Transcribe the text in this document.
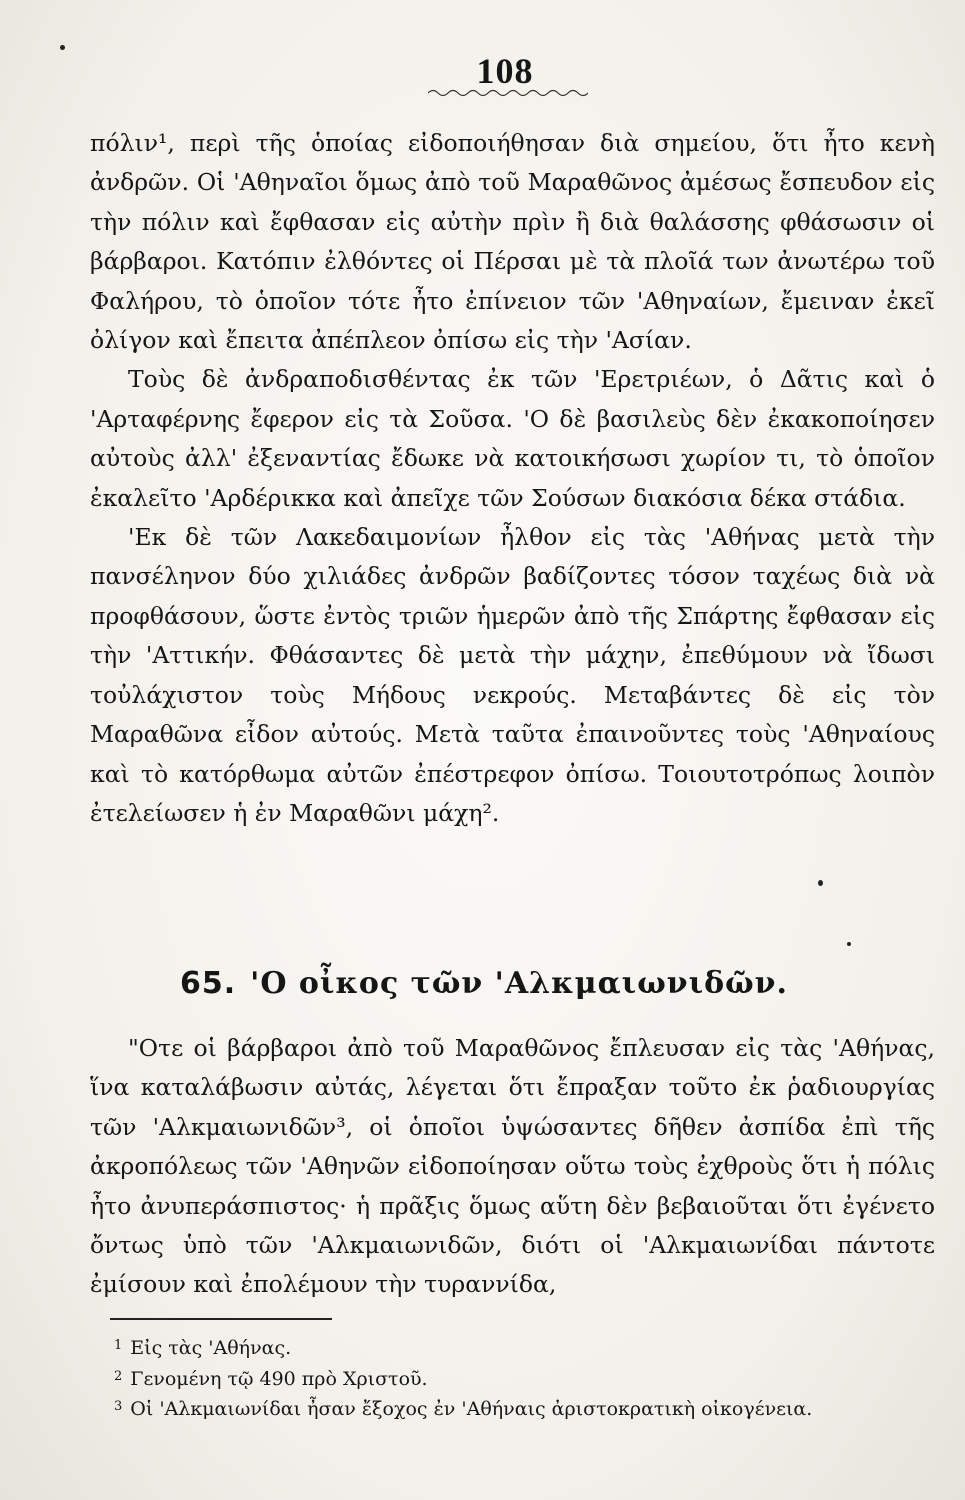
108

πόλιν¹, περὶ τῆς ὁποίας εἰδοποιήθησαν διὰ σημείου, ὅτι ἦτο κενὴ ἀνδρῶν. Οἱ 'Αθηναῖοι ὅμως ἀπὸ τοῦ Μαραθῶνος ἀμέσως ἔσπευδον εἰς τὴν πόλιν καὶ ἔφθασαν εἰς αὐτὴν πρὶν ἢ διὰ θαλάσσης φθάσωσιν οἱ βάρβαροι. Κατόπιν ἐλθόντες οἱ Πέρσαι μὲ τὰ πλοῖά των ἀνωτέρω τοῦ Φαλήρου, τὸ ὁποῖον τότε ἦτο ἐπίνειον τῶν 'Αθηναίων, ἔμειναν ἐκεῖ ὀλίγον καὶ ἔπειτα ἀπέπλεον ὀπίσω εἰς τὴν 'Ασίαν.

Τοὺς δὲ ἀνδραποδισθέντας ἐκ τῶν 'Ερετριέων, ὁ Δᾶτις καὶ ὁ 'Αρταφέρνης ἔφερον εἰς τὰ Σοῦσα. 'Ο δὲ βασιλεὺς δὲν ἐκακοποίησεν αὐτοὺς ἀλλ' ἐξεναντίας ἔδωκε νὰ κατοικήσωσι χωρίον τι, τὸ ὁποῖον ἐκαλεῖτο 'Αρδέρικκα καὶ ἀπεῖχε τῶν Σούσων διακόσια δέκα στάδια.

'Εκ δὲ τῶν Λακεδαιμονίων ἦλθον εἰς τὰς 'Αθήνας μετὰ τὴν πανσέληνον δύο χιλιάδες ἀνδρῶν βαδίζοντες τόσον ταχέως διὰ νὰ προφθάσουν, ὥστε ἐντὸς τριῶν ἡμερῶν ἀπὸ τῆς Σπάρτης ἔφθασαν εἰς τὴν 'Αττικήν. Φθάσαντες δὲ μετὰ τὴν μάχην, ἐπεθύμουν νὰ ἴδωσι τοὐλάχιστον τοὺς Μήδους νεκρούς. Μεταβάντες δὲ εἰς τὸν Μαραθῶνα εἶδον αὐτούς. Μετὰ ταῦτα ἐπαινοῦντες τοὺς 'Αθηναίους καὶ τὸ κατόρθωμα αὐτῶν ἐπέστρεφον ὀπίσω. Τοιουτοτρόπως λοιπὸν ἐτελείωσεν ἡ ἐν Μαραθῶνι μάχη².

65. 'Ο οἶκος τῶν 'Αλκμαιωνιδῶν.

"Οτε οἱ βάρβαροι ἀπὸ τοῦ Μαραθῶνος ἔπλευσαν εἰς τὰς 'Αθήνας, ἵνα καταλάβωσιν αὐτάς, λέγεται ὅτι ἔπραξαν τοῦτο ἐκ ῥαδιουργίας τῶν 'Αλκμαιωνιδῶν³, οἱ ὁποῖοι ὑψώσαντες δῆθεν ἀσπίδα ἐπὶ τῆς ἀκροπόλεως τῶν 'Αθηνῶν εἰδοποίησαν οὕτω τοὺς ἐχθροὺς ὅτι ἡ πόλις ἦτο ἀνυπεράσπιστος· ἡ πρᾶξις ὅμως αὕτη δὲν βεβαιοῦται ὅτι ἐγένετο ὄντως ὑπὸ τῶν 'Αλκμαιωνιδῶν, διότι οἱ 'Αλκμαιωνίδαι πάντοτε ἐμίσουν καὶ ἐπολέμουν τὴν τυραννίδα,

$^1$ Εἰς τὰς 'Αθήνας.
$^2$ Γενομένη τῷ 490 πρὸ Χριστοῦ.
$^3$ Οἱ 'Αλκμαιωνίδαι ἦσαν ἔξοχος ἐν 'Αθήναις ἀριστοκρατικὴ οἰκογένεια.
